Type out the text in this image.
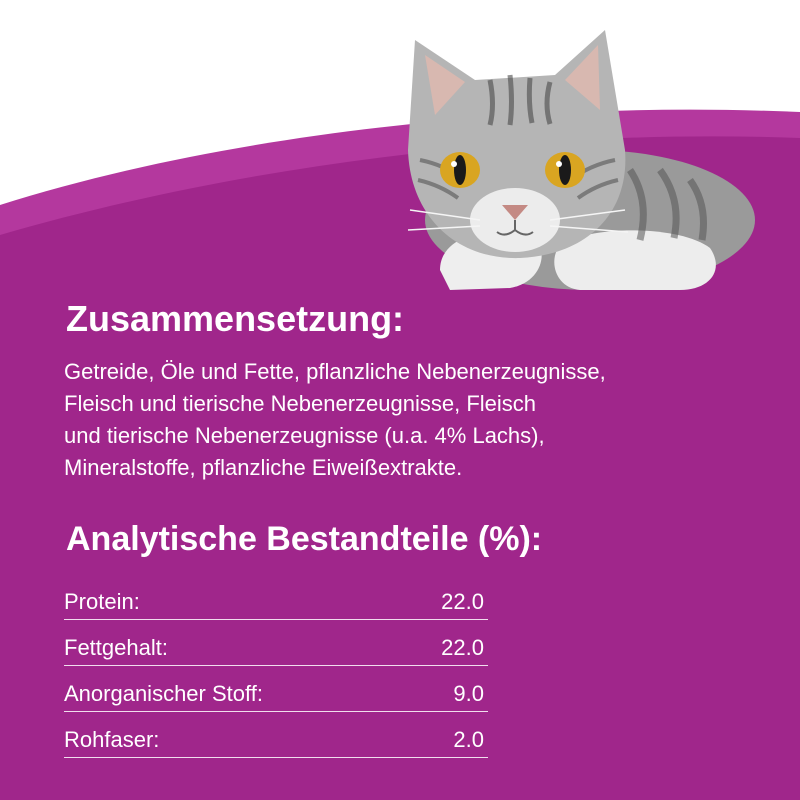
Zusammensetzung:

Getreide, Öle und Fette, pflanzliche Nebenerzeugnisse,
Fleisch und tierische Nebenerzeugnisse, Fleisch
und tierische Nebenerzeugnisse (u.a. 4% Lachs),
Mineralstoffe, pflanzliche Eiweißextrakte.

Analytische Bestandteile (%):
Protein:	22.0
Fettgehalt:	22.0
Anorganischer Stoff:	9.0
Rohfaser:	2.0
